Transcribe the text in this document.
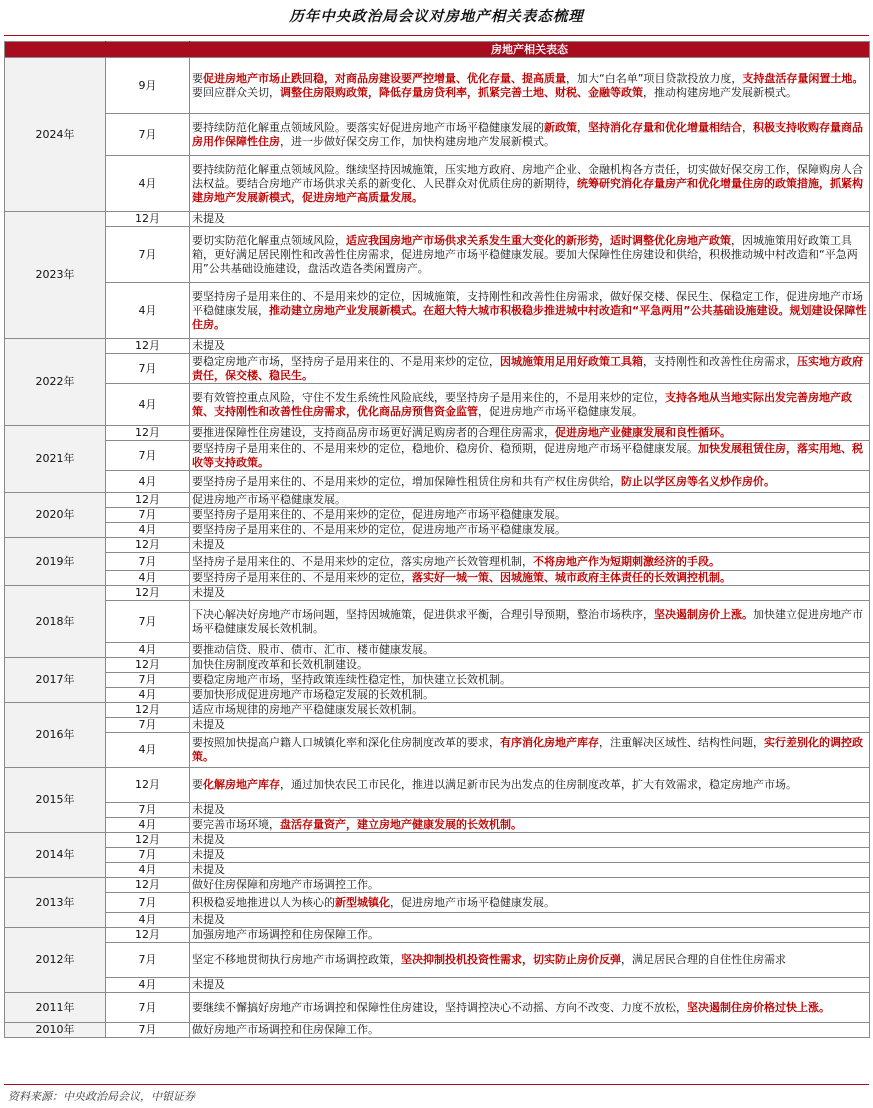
历年中央政治局会议对房地产相关表态梳理
		房地产相关表态
2024年	9月	要促进房地产市场止跌回稳，对商品房建设要严控增量、优化存量、提高质量，加大“白名单”项目贷款投放力度，支持盘活存量闲置土地。要回应群众关切，调整住房限购政策，降低存量房贷利率，抓紧完善土地、财税、金融等政策，推动构建房地产发展新模式。
	7月	要持续防范化解重点领域风险。要落实好促进房地产市场平稳健康发展的新政策，坚持消化存量和优化增量相结合，积极支持收购存量商品房用作保障性住房，进一步做好保交房工作，加快构建房地产发展新模式。
	4月	要持续防范化解重点领域风险。继续坚持因城施策，压实地方政府、房地产企业、金融机构各方责任，切实做好保交房工作，保障购房人合法权益。要结合房地产市场供求关系的新变化、人民群众对优质住房的新期待，统筹研究消化存量房产和优化增量住房的政策措施，抓紧构建房地产发展新模式，促进房地产高质量发展。
2023年	12月	未提及
	7月	要切实防范化解重点领域风险，适应我国房地产市场供求关系发生重大变化的新形势，适时调整优化房地产政策，因城施策用好政策工具箱，更好满足居民刚性和改善性住房需求，促进房地产市场平稳健康发展。要加大保障性住房建设和供给，积极推动城中村改造和“平急两用”公共基础设施建设，盘活改造各类闲置房产。
	4月	要坚持房子是用来住的、不是用来炒的定位，因城施策，支持刚性和改善性住房需求，做好保交楼、保民生、保稳定工作，促进房地产市场平稳健康发展，推动建立房地产业发展新模式。在超大特大城市积极稳步推进城中村改造和“平急两用”公共基础设施建设。规划建设保障性住房。
2022年	12月	未提及
	7月	要稳定房地产市场，坚持房子是用来住的、不是用来炒的定位，因城施策用足用好政策工具箱，支持刚性和改善性住房需求，压实地方政府责任，保交楼、稳民生。
	4月	要有效管控重点风险，守住不发生系统性风险底线，要坚持房子是用来住的，不是用来炒的定位，支持各地从当地实际出发完善房地产政策、支持刚性和改善性住房需求，优化商品房预售资金监管，促进房地产市场平稳健康发展。
2021年	12月	要推进保障性住房建设，支持商品房市场更好满足购房者的合理住房需求，促进房地产业健康发展和良性循环。
	7月	要坚持房子是用来住的、不是用来炒的定位，稳地价、稳房价、稳预期，促进房地产市场平稳健康发展。加快发展租赁住房，落实用地、税收等支持政策。
	4月	要坚持房子是用来住的、不是用来炒的定位，增加保障性租赁住房和共有产权住房供给，防止以学区房等名义炒作房价。
2020年	12月	促进房地产市场平稳健康发展。
	7月	要坚持房子是用来住的、不是用来炒的定位，促进房地产市场平稳健康发展。
	4月	要坚持房子是用来住的、不是用来炒的定位，促进房地产市场平稳健康发展。
2019年	12月	未提及
	7月	坚持房子是用来住的、不是用来炒的定位，落实房地产长效管理机制，不将房地产作为短期刺激经济的手段。
	4月	要坚持房子是用来住的、不是用来炒的定位，落实好一城一策、因城施策、城市政府主体责任的长效调控机制。
2018年	12月	未提及
	7月	下决心解决好房地产市场问题，坚持因城施策，促进供求平衡，合理引导预期，整治市场秩序，坚决遏制房价上涨。加快建立促进房地产市场平稳健康发展长效机制。
	4月	要推动信贷、股市、债市、汇市、楼市健康发展。
2017年	12月	加快住房制度改革和长效机制建设。
	7月	要稳定房地产市场，坚持政策连续性稳定性，加快建立长效机制。
	4月	要加快形成促进房地产市场稳定发展的长效机制。
2016年	12月	适应市场规律的房地产平稳健康发展长效机制。
	7月	未提及
	4月	要按照加快提高户籍人口城镇化率和深化住房制度改革的要求，有序消化房地产库存，注重解决区域性、结构性问题，实行差别化的调控政策。
2015年	12月	要化解房地产库存，通过加快农民工市民化，推进以满足新市民为出发点的住房制度改革，扩大有效需求，稳定房地产市场。
	7月	未提及
	4月	要完善市场环境，盘活存量资产，建立房地产健康发展的长效机制。
2014年	12月	未提及
	7月	未提及
	4月	未提及
2013年	12月	做好住房保障和房地产市场调控工作。
	7月	积极稳妥地推进以人为核心的新型城镇化，促进房地产市场平稳健康发展。
	4月	未提及
2012年	12月	加强房地产市场调控和住房保障工作。
	7月	坚定不移地贯彻执行房地产市场调控政策，坚决抑制投机投资性需求，切实防止房价反弹，满足居民合理的自住性住房需求
	4月	未提及
2011年	7月	要继续不懈搞好房地产市场调控和保障性住房建设，坚持调控决心不动摇、方向不改变、力度不放松，坚决遏制住房价格过快上涨。
2010年	7月	做好房地产市场调控和住房保障工作。
资料来源：中央政治局会议，中银证券
